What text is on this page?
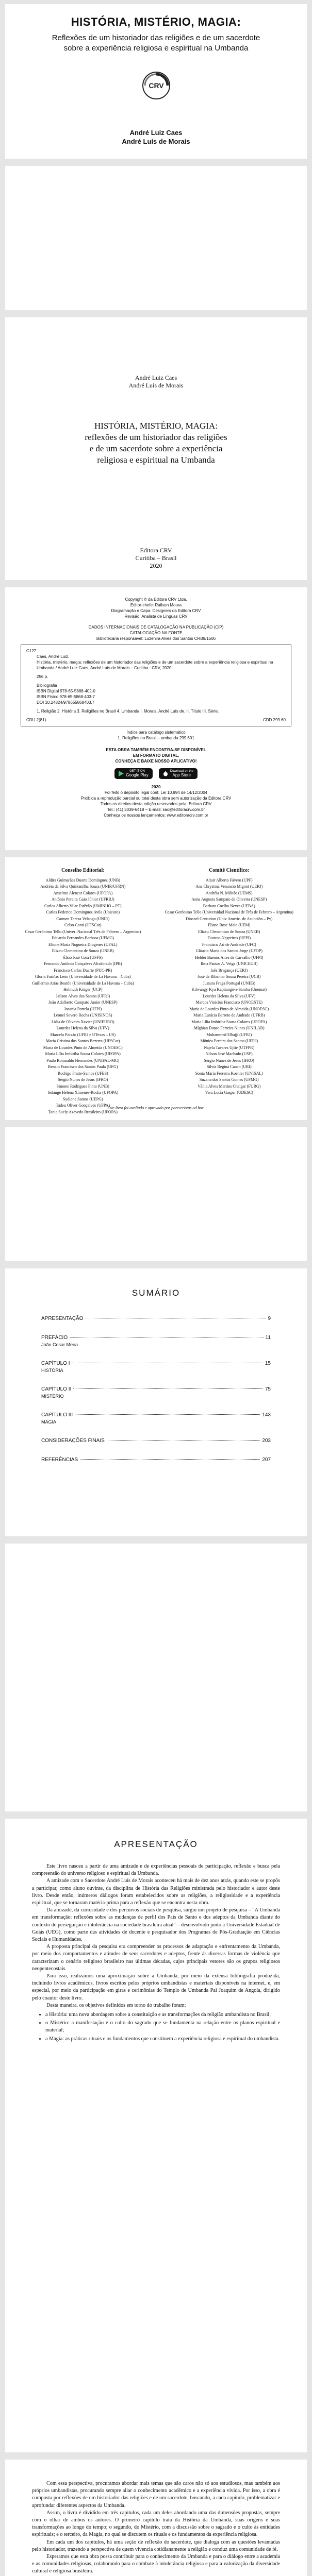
HISTÓRIA, MISTÉRIO, MAGIA:
Reflexões de um historiador das religiões e de um sacerdote sobre a experiência religiosa e espiritual na Umbanda
CRV
André Luiz Caes
André Luís de Morais
André Luiz Caes
André Luís de Morais
HISTÓRIA, MISTÉRIO, MAGIA:
reflexões de um historiador das religiões
e de um sacerdote sobre a experiência
religiosa e espiritual na Umbanda
Editora CRV
Curitiba – Brasil
2020
Copyright © da Editora CRV Ltda.
Editor-chefe: Railson Moura
Diagramação e Capa: Designers da Editora CRV
Revisão: Analista de Línguas CRV
DADOS INTERNACIONAIS DE CATALOGAÇÃO NA PUBLICAÇÃO (CIP)
CATALOGAÇÃO NA FONTE
Bibliotecária responsável: Luzenira Alves dos Santos CRB9/1506
C127
Caes, André Luiz.
História, mistério, magia: reflexões de um historiador das religiões e de um sacerdote sobre a experiência religiosa e espiritual na Umbanda / André Luiz Caes, André Luís de Morais – Curitiba : CRV, 2020.
256 p.
Bibliografia
ISBN Digital 978-65-5868-402-0
ISBN Físico 978-65-5868-403-7
DOI 10.24824/978655868403.7
1. Religião 2. História 3. Religiões no Brasil 4. Umbanda I. Morais, André Luís de. II. Título III. Série.
CDU 2(81)	CDD 299.60
Índice para catálogo sistemático
1. Religiões no Brasil – umbanda 299.601
ESTA OBRA TAMBÉM ENCONTRA-SE DISPONÍVEL
EM FORMATO DIGITAL.
CONHEÇA E BAIXE NOSSO APLICATIVO!
GET IT ON
Google Play
Download on the
App Store
2020
Foi feito o depósito legal conf. Lei 10.994 de 14/12/2004
Proibida a reprodução parcial ou total desta obra sem autorização da Editora CRV
Todos os direitos desta edição reservados pela: Editora CRV
Tel.: (41) 3039-6418 – E-mail: sac@editoracrv.com.br
Conheça os nossos lançamentos: www.editoracrv.com.br
Conselho Editorial:
Aldira Guimarães Duarte Domínguez (UNB)
Andréia da Silva Quintanilha Sousa (UNIR/UFRN)
Anselmo Alencar Colares (UFOPA)
Antônio Pereira Gaio Júnior (UFRRJ)
Carlos Alberto Vilar Estêvão (UMINHO – PT)
Carlos Federico Dominguez Avila (Unieuro)
Carmen Tereza Velanga (UNIR)
Celso Conti (UFSCar)
Cesar Gerónimo Tello (Univer .Nacional Três de Febrero – Argentina)
Eduardo Fernandes Barbosa (UFMG)
Elione Maria Nogueira Diogenes (UFAL)
Elizeu Clementino de Souza (UNEB)
Élsio José Corá (UFFS)
Fernando Antônio Gonçalves Alcoforado (IPB)
Francisco Carlos Duarte (PUC-PR)
Gloria Fariñas León (Universidade de La Havana – Cuba)
Guillermo Arias Beatón (Universidade de La Havana – Cuba)
Helmuth Krüger (UCP)
Jailson Alves dos Santos (UFRJ)
João Adalberto Campato Junior (UNESP)
Josania Portela (UFPI)
Leonel Severo Rocha (UNISINOS)
Lídia de Oliveira Xavier (UNIEURO)
Lourdes Helena da Silva (UFV)
Marcelo Paixão (UFRJ e UTexas – US)
Maria Cristina dos Santos Bezerra (UFSCar)
Maria de Lourdes Pinto de Almeida (UNOESC)
Maria Lília Imbiriba Sousa Colares (UFOPA)
Paulo Romualdo Hernandes (UNIFAL-MG)
Renato Francisco dos Santos Paula (UFG)
Rodrigo Pratte-Santos (UFES)
Sérgio Nunes de Jesus (IFRO)
Simone Rodrigues Pinto (UNB)
Solange Helena Ximenes-Rocha (UFOPA)
Sydione Santos (UEPG)
Tadeu Oliver Gonçalves (UFPA)
Tania Suely Azevedo Brasileiro (UFOPA)
Comitê Científico:
Altair Alberto Fávero (UPF)
Ana Chrystina Venancio Mignot (UERJ)
Andréia N. Militão (UEMS)
Anna Augusta Sampaio de Oliveira (UNESP)
Barbara Coelho Neves (UFBA)
Cesar Gerónimo Tello (Universidad Nacional de Três de Febrero – Argentina)
Diosnel Centurion (Univ Americ. de Asunción – Py)
Eliane Rose Maio (UEM)
Elizeu Clementino de Souza (UNEB)
Fauston Negreiros (UFPI)
Francisco Ari de Andrade (UFC)
Gláucia Maria dos Santos Jorge (UFOP)
Helder Buenos Aires de Carvalho (UFPI)
Ilma Passos A. Veiga (UNICEUB)
Inês Bragança (UERJ)
José de Ribamar Sousa Pereira (UCB)
Jussara Fraga Portugal (UNEB)
Kilwangy Kya Kapitango-a-Samba (Unemat)
Lourdes Helena da Silva (UFV)
Marcos Vinicius Francisco (UNOESTE)
Maria de Lourdes Pinto de Almeida (UNOESC)
Maria Eurácia Barreto de Andrade (UFRB)
Maria Lília Imbiriba Sousa Colares (UFOPA)
Míghian Danae Ferreira Nunes (UNILAB)
Mohammed Elhajji (UFRJ)
Mônica Pereira dos Santos (UFRJ)
Najela Tavares Ujiie (UTFPR)
Nilson José Machado (USP)
Sérgio Nunes de Jesus (IFRO)
Silvia Regina Canan (URI)
Sonia Maria Ferreira Koehler (UNISAL)
Suzana dos Santos Gomes (UFMG)
Vânia Alves Martins Chaigar (FURG)
Vera Lucia Gaspar (UDESC)
Este livro foi avaliado e aprovado por pareceristas ad hoc.
SUMÁRIO
APRESENTAÇÃO	9
PREFÁCIO	11
João Cesar Mena
CAPÍTULO I	15
HISTÓRIA
CAPÍTULO II	75
MISTÉRIO
CAPÍTULO III	143
MAGIA
CONSIDERAÇÕES FINAIS	203
REFERÊNCIAS	207
APRESENTAÇÃO

Este livro nasceu a partir de uma amizade e de experiências pessoais de participação, reflexão e busca pela compreensão do universo religioso e espiritual da Umbanda.

A amizade com o Sacerdote André Luís de Morais aconteceu há mais de dez anos atrás, quando este se propôs a participar, como aluno ouvinte, da disciplina de História das Religiões ministrada pelo historiador e autor deste livro. Desde então, inúmeros diálogos foram estabelecidos sobre as religiões, a religiosidade e a experiência espiritual, que se tornaram matéria-prima para a reflexão que se encontra nesta obra.

Da amizade, da curiosidade e dos percursos sociais de pesquisa, surgiu um projeto de pesquisa – "A Umbanda em transformação: reflexões sobre as mudanças de perfil dos Pais de Santo e dos adeptos da Umbanda diante do contexto de perseguição e intolerância na sociedade brasileira atual" – desenvolvido junto à Universidade Estadual de Goiás (UEG), como parte das atividades de docente e pesquisador dos Programas de Pós-Graduação em Ciências Sociais e Humanidades.

A proposta principal da pesquisa era compreender os processos de adaptação e enfrentamento da Umbanda, por meio dos comportamentos e atitudes de seus sacerdotes e adeptos, frente às diversas formas de violência que caracterizam o cenário religioso brasileiro nas últimas décadas, cujos principais vetores são os grupos religiosos neopentecostais.

Para isso, realizamos uma aproximação sobre a Umbanda, por meio da extensa bibliografia produzida, incluindo livros acadêmicos, livros escritos pelos próprios umbandistas e materiais disponíveis na internet, e, em especial, por meio da participação em giras e cerimônias do Templo de Umbanda Pai Joaquim de Angola, dirigido pelo coautor deste livro.

Desta maneira, os objetivos definidos em torno do trabalho foram:

• a História: uma nova abordagem sobre a constituição e as transformações da religião umbandista no Brasil;
• o Mistério: a manifestação e o culto do sagrado que se fundamenta na relação entre os planos espiritual e material;
• a Magia: as práticas rituais e os fundamentos que constituem a experiência religiosa e espiritual do umbandista.

Com essa perspectiva, procuramos abordar mais temas que são caros não só aos estudiosos, mas também aos próprios umbandistas, procurando sempre aliar o conhecimento acadêmico e a experiência vivida. Por isso, a obra é composta por reflexões de um historiador das religiões e de um sacerdote, buscando, a cada capítulo, problematizar e aprofundar diferentes aspectos da Umbanda.

Assim, o livro é dividido em três capítulos, cada um deles abordando uma das dimensões propostas, sempre com o olhar de ambos os autores. O primeiro capítulo trata da História da Umbanda, suas origens e suas transformações ao longo do tempo; o segundo, do Mistério, com a discussão sobre o sagrado e o culto às entidades espirituais; e o terceiro, da Magia, no qual se discutem os rituais e os fundamentos da experiência religiosa.

Em cada um dos capítulos, há uma seção de reflexão do sacerdote, que dialoga com as questões levantadas pelo historiador, trazendo a perspectiva de quem vivencia cotidianamente a religião e conduz uma comunidade de fé.

Esperamos que esta obra possa contribuir para o conhecimento da Umbanda e para o diálogo entre a academia e as comunidades religiosas, colaborando para o combate à intolerância religiosa e para a valorização da diversidade cultural e religiosa brasileira.
